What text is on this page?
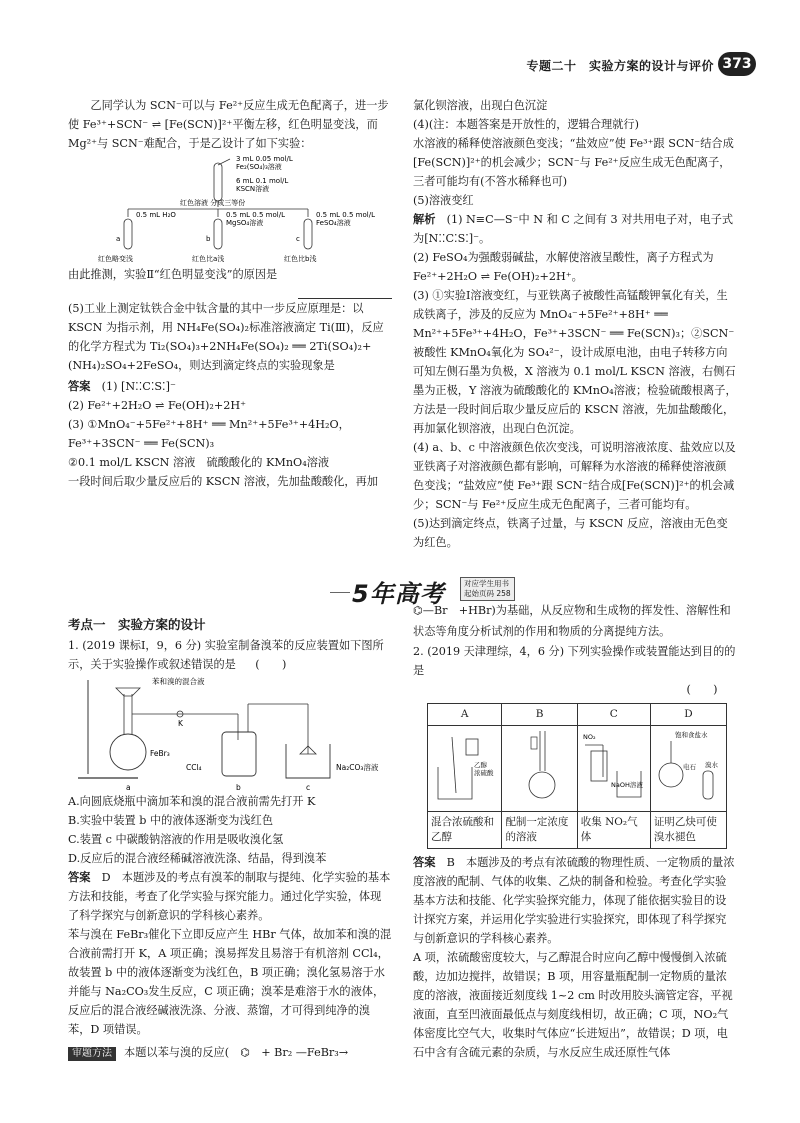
专题二十　实验方案的设计与评价 373

乙同学认为 SCN⁻可以与 Fe²⁺反应生成无色配离子，进一步使 Fe³⁺+SCN⁻ ⇌ [Fe(SCN)]²⁺平衡左移，红色明显变浅，而 Mg²⁺与 SCN⁻难配合，于是乙设计了如下实验：

3 mL 0.05 mol/L
Fe₂(SO₄)₃溶液
6 mL 0.1 mol/L
KSCN溶液
红色溶液 分成三等份
0.5 mL H₂O	0.5 mL 0.5 mol/L
MgSO₄溶液
0.5 mL 0.5 mol/L
FeSO₄溶液
a	b	c
红色略变浅	红色比a浅	红色比b浅

由此推测，实验Ⅱ“红色明显变浅”的原因是

(5)工业上测定钛铁合金中钛含量的其中一步反应原理是：以 KSCN 为指示剂，用 NH₄Fe(SO₄)₂标准溶液滴定 Ti(Ⅲ)，反应的化学方程式为 Ti₂(SO₄)₃+2NH₄Fe(SO₄)₂ ══ 2Ti(SO₄)₂+(NH₄)₂SO₄+2FeSO₄，则达到滴定终点的实验现象是

答案　 (1) [N⁚⁚C⁚S⁚]⁻

(2) Fe²⁺+2H₂O ⇌ Fe(OH)₂+2H⁺

(3) ①MnO₄⁻+5Fe²⁺+8H⁺ ══ Mn²⁺+5Fe³⁺+4H₂O，Fe³⁺+3SCN⁻ ══ Fe(SCN)₃

②0.1 mol/L KSCN 溶液　硫酸酸化的 KMnO₄溶液

一段时间后取少量反应后的 KSCN 溶液，先加盐酸酸化，再加

氯化钡溶液，出现白色沉淀

(4)(注：本题答案是开放性的，逻辑合理就行)

水溶液的稀释使溶液颜色变浅；“盐效应”使 Fe³⁺跟 SCN⁻结合成[Fe(SCN)]²⁺的机会减少；SCN⁻与 Fe²⁺反应生成无色配离子，三者可能均有(不答水稀释也可)

(5)溶液变红

解析　 (1) N≡C—S⁻中 N 和 C 之间有 3 对共用电子对，电子式为[N⁚⁚C⁚S⁚]⁻。

(2) FeSO₄为强酸弱碱盐，水解使溶液呈酸性，离子方程式为 Fe²⁺+2H₂O ⇌ Fe(OH)₂+2H⁺。

(3) ①实验Ⅰ溶液变红，与亚铁离子被酸性高锰酸钾氧化有关，生成铁离子，涉及的反应为 MnO₄⁻+5Fe²⁺+8H⁺ ══ Mn²⁺+5Fe³⁺+4H₂O，Fe³⁺+3SCN⁻ ══ Fe(SCN)₃；②SCN⁻被酸性 KMnO₄氧化为 SO₄²⁻，设计成原电池，由电子转移方向可知左侧石墨为负极，X 溶液为 0.1 mol/L KSCN 溶液，右侧石墨为正极，Y 溶液为硫酸酸化的 KMnO₄溶液；检验硫酸根离子，方法是一段时间后取少量反应后的 KSCN 溶液，先加盐酸酸化，再加氯化钡溶液，出现白色沉淀。

(4) a、b、c 中溶液颜色依次变浅，可说明溶液浓度、盐效应以及亚铁离子对溶液颜色都有影响，可解释为水溶液的稀释使溶液颜色变浅；“盐效应”使 Fe³⁺跟 SCN⁻结合成[Fe(SCN)]²⁺的机会减少；SCN⁻与 Fe²⁺反应生成无色配离子，三者可能均有。

(5)达到滴定终点，铁离子过量，与 KSCN 反应，溶液由无色变为红色。

5年高考	对应学生用书
起始页码 258
考点一　实验方案的设计

1. (2019 课标Ⅰ，9，6 分) 实验室制备溴苯的反应装置如下图所示，关于实验操作或叙述错误的是 (　　)

苯和溴的混合液
FeBr₃
K
CCl₄	Na₂CO₃溶液
a	b	c

A.向圆底烧瓶中滴加苯和溴的混合液前需先打开 K

B.实验中装置 b 中的液体逐渐变为浅红色

C.装置 c 中碳酸钠溶液的作用是吸收溴化氢

D.反应后的混合液经稀碱溶液洗涤、结晶，得到溴苯

答案　 D　本题涉及的考点有溴苯的制取与提纯、化学实验的基本方法和技能，考查了化学实验与探究能力。通过化学实验，体现了科学探究与创新意识的学科核心素养。

苯与溴在 FeBr₃催化下立即反应产生 HBr 气体，故加苯和溴的混合液前需打开 K，A 项正确；溴易挥发且易溶于有机溶剂 CCl₄，故装置 b 中的液体逐渐变为浅红色，B 项正确；溴化氢易溶于水并能与 Na₂CO₃发生反应，C 项正确；溴苯是难溶于水的液体，反应后的混合液经碱液洗涤、分液、蒸馏，才可得到纯净的溴苯，D 项错误。

审题方法 本题以苯与溴的反应(　⌬　+ Br₂ —FeBr₃→

⌬—Br　+HBr)为基础，从反应物和生成物的挥发性、溶解性和状态等角度分析试剂的作用和物质的分离提纯方法。

2. (2019 天津理综，4，6 分) 下列实验操作或装置能达到目的的是

(　　)

A	B	C	D

乙醇
浓硫酸		NO₂
NaOH溶液	饱和食盐水
电石 溴水

混合浓硫酸和乙醇	配制一定浓度的溶液	收集 NO₂气体	证明乙炔可使溴水褪色

答案　 B　本题涉及的考点有浓硫酸的物理性质、一定物质的量浓度溶液的配制、气体的收集、乙炔的制备和检验。考查化学实验基本方法和技能、化学实验探究能力，体现了能依据实验目的设计探究方案，并运用化学实验进行实验探究，即体现了科学探究与创新意识的学科核心素养。

A 项，浓硫酸密度较大，与乙醇混合时应向乙醇中慢慢倒入浓硫酸，边加边搅拌，故错误；B 项，用容量瓶配制一定物质的量浓度的溶液，液面接近刻度线 1~2 cm 时改用胶头滴管定容，平视液面，直至凹液面最低点与刻度线相切，故正确；C 项，NO₂气体密度比空气大，收集时气体应“长进短出”，故错误；D 项，电石中含有含硫元素的杂质，与水反应生成还原性气体
